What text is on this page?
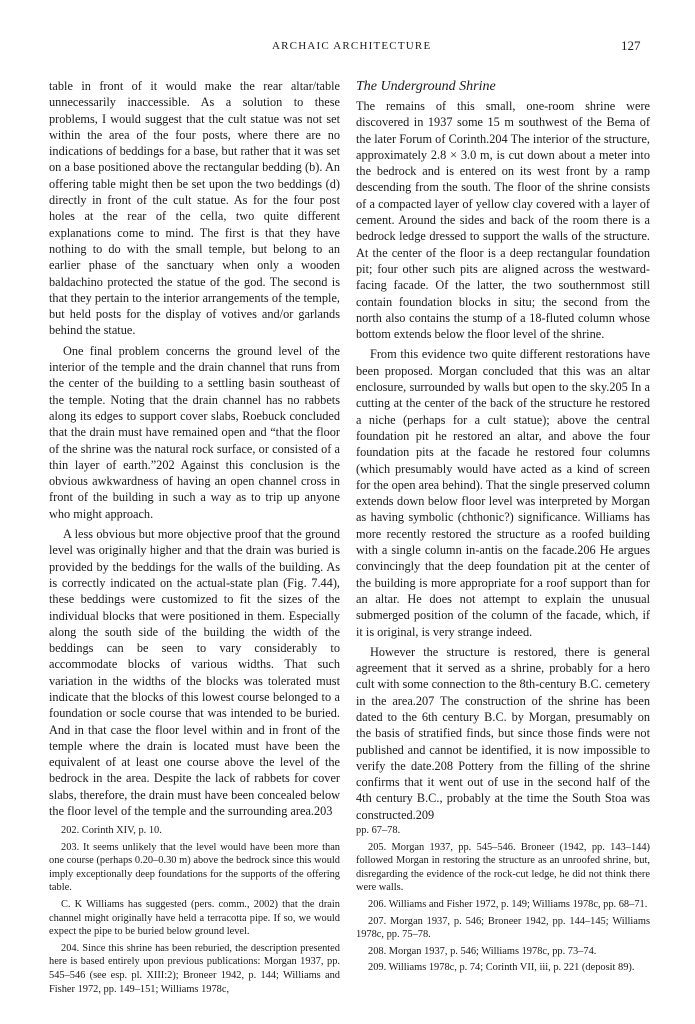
ARCHAIC ARCHITECTURE	127

table in front of it would make the rear altar/table unnecessarily inaccessible. As a solution to these problems, I would suggest that the cult statue was not set within the area of the four posts, where there are no indications of beddings for a base, but rather that it was set on a base positioned above the rectangular bedding (b). An offering table might then be set upon the two beddings (d) directly in front of the cult statue. As for the four post holes at the rear of the cella, two quite different explanations come to mind. The first is that they have nothing to do with the small temple, but belong to an earlier phase of the sanctuary when only a wooden baldachino protected the statue of the god. The second is that they pertain to the interior arrangements of the temple, but held posts for the display of votives and/or garlands behind the statue.

One final problem concerns the ground level of the interior of the temple and the drain channel that runs from the center of the building to a settling basin southeast of the temple. Noting that the drain channel has no rabbets along its edges to support cover slabs, Roebuck concluded that the drain must have remained open and “that the floor of the shrine was the natural rock surface, or consisted of a thin layer of earth.”202 Against this conclusion is the obvious awkwardness of having an open channel cross in front of the building in such a way as to trip up anyone who might approach.

A less obvious but more objective proof that the ground level was originally higher and that the drain was buried is provided by the beddings for the walls of the building. As is correctly indicated on the actual-state plan (Fig. 7.44), these beddings were customized to fit the sizes of the individual blocks that were positioned in them. Especially along the south side of the building the width of the beddings can be seen to vary considerably to accommodate blocks of various widths. That such variation in the widths of the blocks was tolerated must indicate that the blocks of this lowest course belonged to a foundation or socle course that was intended to be buried. And in that case the floor level within and in front of the temple where the drain is located must have been the equivalent of at least one course above the level of the bedrock in the area. Despite the lack of rabbets for cover slabs, therefore, the drain must have been concealed below the floor level of the temple and the surrounding area.203

The Underground Shrine

The remains of this small, one-room shrine were discovered in 1937 some 15 m southwest of the Bema of the later Forum of Corinth.204 The interior of the structure, approximately 2.8 × 3.0 m, is cut down about a meter into the bedrock and is entered on its west front by a ramp descending from the south. The floor of the shrine consists of a compacted layer of yellow clay covered with a layer of cement. Around the sides and back of the room there is a bedrock ledge dressed to support the walls of the structure. At the center of the floor is a deep rectangular foundation pit; four other such pits are aligned across the westward-facing facade. Of the latter, the two southernmost still contain foundation blocks in situ; the second from the north also contains the stump of a 18-fluted column whose bottom extends below the floor level of the shrine.

From this evidence two quite different restorations have been proposed. Morgan concluded that this was an altar enclosure, surrounded by walls but open to the sky.205 In a cutting at the center of the back of the structure he restored a niche (perhaps for a cult statue); above the central foundation pit he restored an altar, and above the four foundation pits at the facade he restored four columns (which presumably would have acted as a kind of screen for the open area behind). That the single preserved column extends down below floor level was interpreted by Morgan as having symbolic (chthonic?) significance. Williams has more recently restored the structure as a roofed building with a single column in-antis on the facade.206 He argues convincingly that the deep foundation pit at the center of the building is more appropriate for a roof support than for an altar. He does not attempt to explain the unusual submerged position of the column of the facade, which, if it is original, is very strange indeed.

However the structure is restored, there is general agreement that it served as a shrine, probably for a hero cult with some connection to the 8th-century B.C. cemetery in the area.207 The construction of the shrine has been dated to the 6th century B.C. by Morgan, presumably on the basis of stratified finds, but since those finds were not published and cannot be identified, it is now impossible to verify the date.208 Pottery from the filling of the shrine confirms that it went out of use in the second half of the 4th century B.C., probably at the time the South Stoa was constructed.209

202. Corinth XIV, p. 10.

203. It seems unlikely that the level would have been more than one course (perhaps 0.20–0.30 m) above the bedrock since this would imply exceptionally deep foundations for the supports of the offering table.

C. K Williams has suggested (pers. comm., 2002) that the drain channel might originally have held a terracotta pipe. If so, we would expect the pipe to be buried below ground level.

204. Since this shrine has been reburied, the description presented here is based entirely upon previous publications: Morgan 1937, pp. 545–546 (see esp. pl. XIII:2); Broneer 1942, p. 144; Williams and Fisher 1972, pp. 149–151; Williams 1978c,

pp. 67–78.

205. Morgan 1937, pp. 545–546. Broneer (1942, pp. 143–144) followed Morgan in restoring the structure as an unroofed shrine, but, disregarding the evidence of the rock-cut ledge, he did not think there were walls.

206. Williams and Fisher 1972, p. 149; Williams 1978c, pp. 68–71.

207. Morgan 1937, p. 546; Broneer 1942, pp. 144–145; Williams 1978c, pp. 75–78.

208. Morgan 1937, p. 546; Williams 1978c, pp. 73–74.

209. Williams 1978c, p. 74; Corinth VII, iii, p. 221 (deposit 89).
